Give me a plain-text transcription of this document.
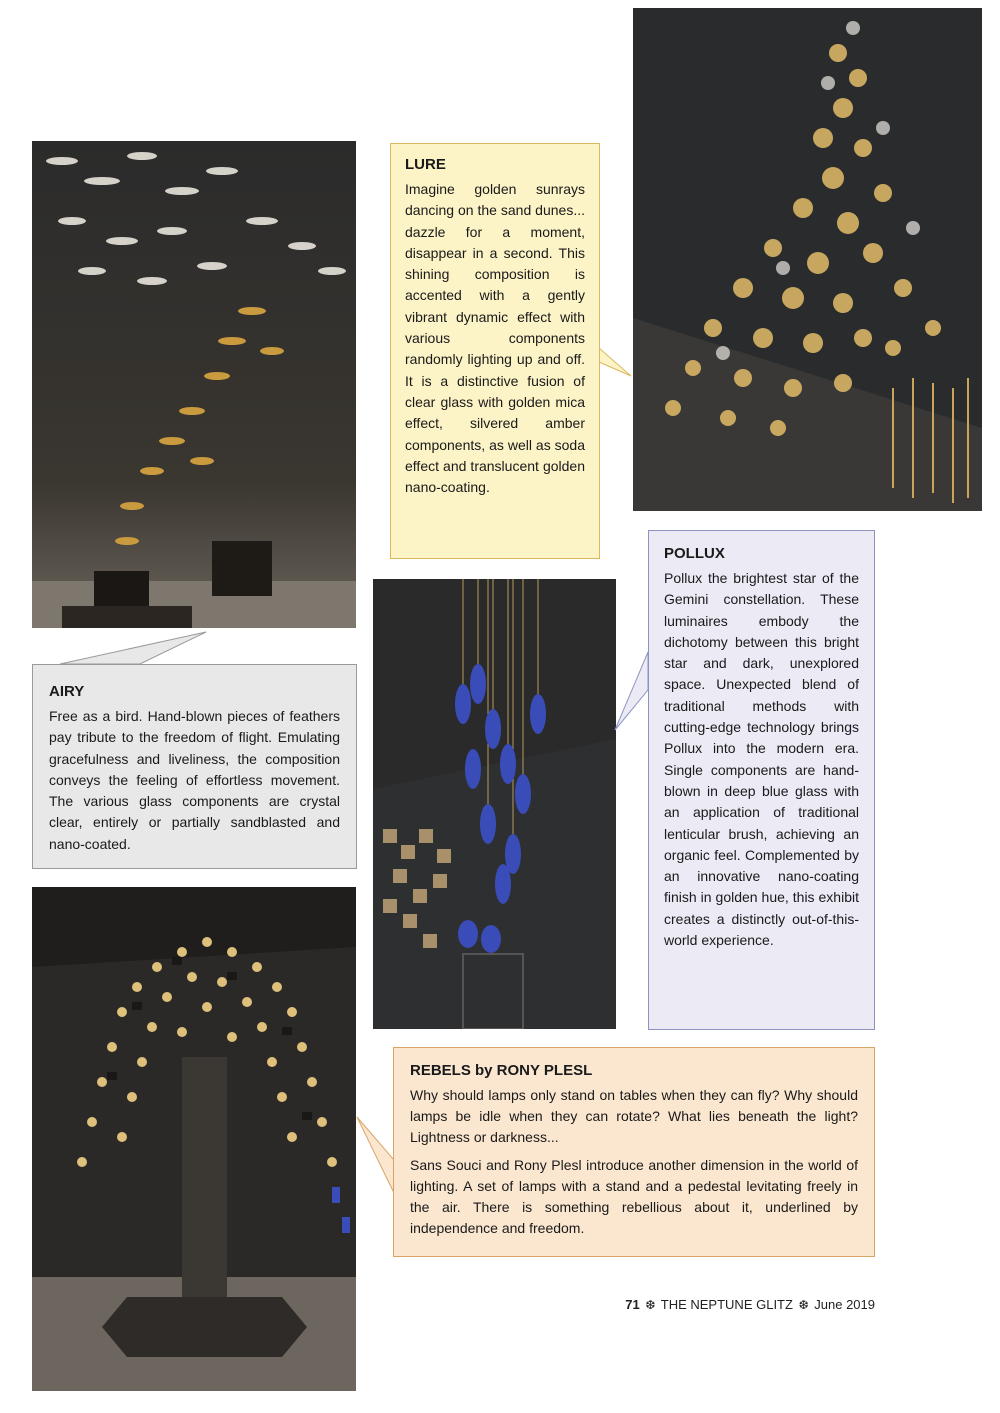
LURE

Imagine golden sunrays dancing on the sand dunes... dazzle for a moment, disappear in a second. This shining composition is accented with a gently vibrant dynamic effect with various components randomly lighting up and off. It is a distinctive fusion of clear glass with golden mica effect, silvered amber components, as well as soda effect and translucent golden nano-coating.

AIRY

Free as a bird. Hand-blown pieces of feathers pay tribute to the freedom of flight. Emulating gracefulness and liveliness, the composition conveys the feeling of effortless movement. The various glass components are crystal clear, entirely or partially sandblasted and nano-coated.

POLLUX

Pollux the brightest star of the Gemini constellation. These luminaires embody the dichotomy between this bright star and dark, unexplored space. Unexpected blend of traditional methods with cutting-edge technology brings Pollux into the modern era. Single components are hand-blown in deep blue glass with an application of traditional lenticular brush, achieving an organic feel. Complemented by an innovative nano-coating finish in golden hue, this exhibit creates a distinctly out-of-this-world experience.

REBELS by RONY PLESL

Why should lamps only stand on tables when they can fly? Why should lamps be idle when they can rotate? What lies beneath the light? Lightness or darkness...

Sans Souci and Rony Plesl introduce another dimension in the world of lighting. A set of lamps with a stand and a pedestal levitating freely in the air. There is something rebellious about it, underlined by independence and freedom.

71 ❆ THE NEPTUNE GLITZ ❆ June 2019
